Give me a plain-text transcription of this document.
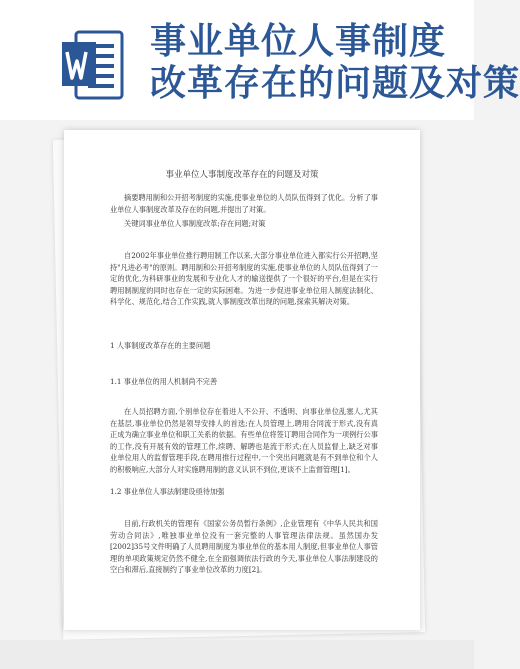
事业单位人事制度
改革存在的问题及对策
事业单位人事制度改革存在的问题及对策
摘要聘用制和公开招考制度的实施,使事业单位的人员队伍得到了优化。分析了事业单位人事制度改革及存在的问题,并提出了对策。
关键词事业单位人事制度改革;存在问题;对策
自2002年事业单位推行聘用制工作以来,大部分事业单位进入都实行公开招聘,坚持"凡进必考"的原则。聘用制和公开招考制度的实施,使事业单位的人员队伍得到了一定的优化,为科研事业的发展和专业化人才的输送提供了一个很好的平台,但是在实行聘用制制度的同时也存在一定的实际困难。为进一步促进事业单位用人制度法制化、科学化、规范化,结合工作实践,就人事制度改革出现的问题,探索其解决对策。
1 人事制度改革存在的主要问题
1.1 事业单位的用人机制尚不完善
在人员招聘方面,个别单位存在着进人不公开、不透明、向事业单位乱塞人,尤其在基层,事业单位仍然是领导安排人的首选;在人员管理上,聘用合同流于形式,没有真正成为确立事业单位和职工关系的依据。有些单位将签订聘用合同作为一项例行公事的工作,没有开展有效的管理工作,续聘、解聘也是流于形式;在人员监督上,缺乏对事业单位用人的监督管理手段,在聘用推行过程中,一个突出问题就是有不到单位和个人的积极响应,大部分人对实施聘用制的意义认识不到位,更谈不上监督管理[1]。
1.2 事业单位人事法制建设亟待加强
目前,行政机关的管理有《国家公务员暂行条例》,企业管理有《中华人民共和国劳动合同法》,唯独事业单位没有一套完整的人事管理法律法规。虽然国办发[2002]35号文件明确了人员聘用制度为事业单位的基本用人制度,但事业单位人事管理的单项政策规定仍然不健全,在全面强调依法行政的今天,事业单位人事法制建设的空白和滞后,直接制约了事业单位改革的力度[2]。
